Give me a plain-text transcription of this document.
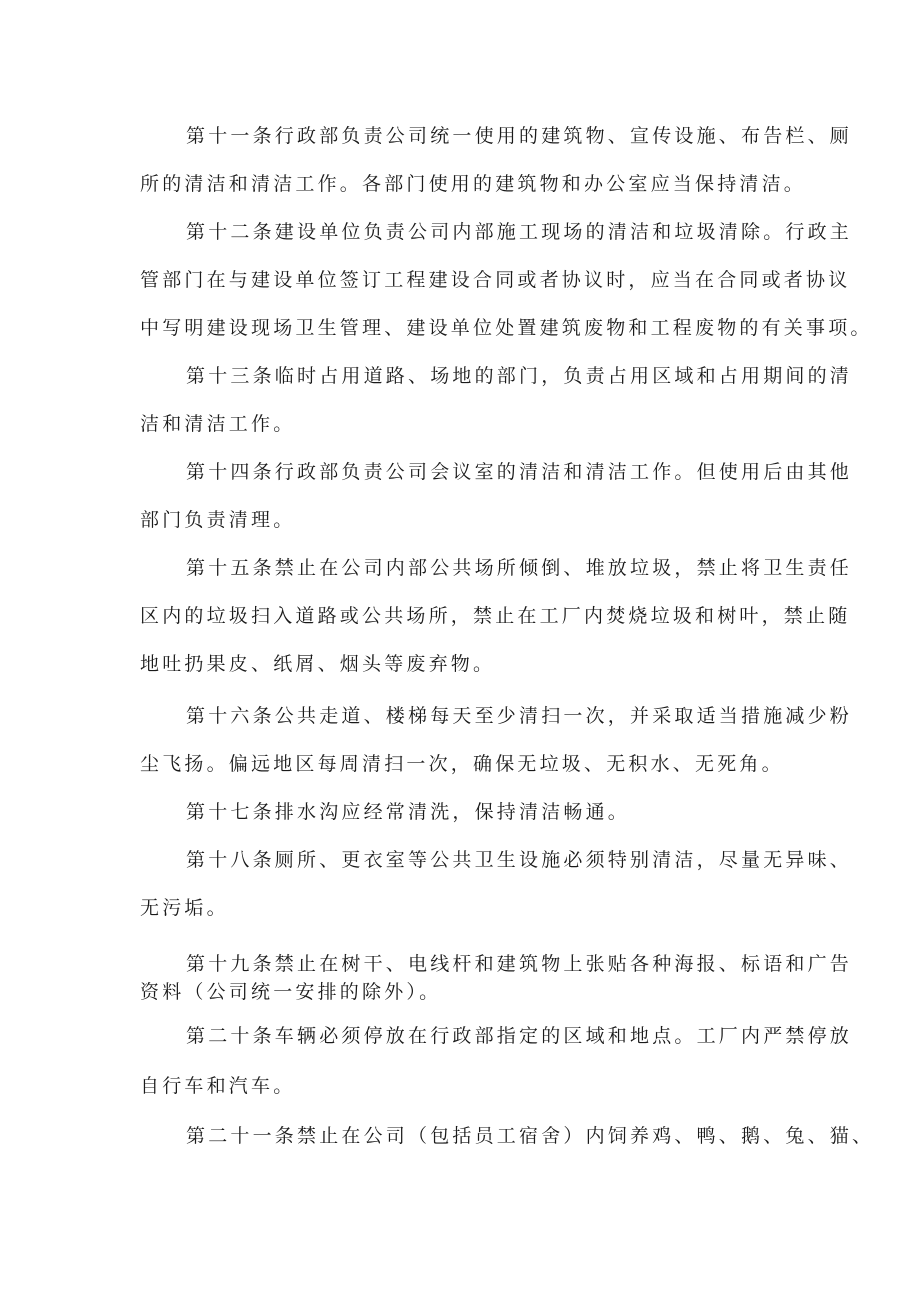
第十一条行政部负责公司统一使用的建筑物、宣传设施、布告栏、厕
所的清洁和清洁工作。各部门使用的建筑物和办公室应当保持清洁。
第十二条建设单位负责公司内部施工现场的清洁和垃圾清除。行政主
管部门在与建设单位签订工程建设合同或者协议时，应当在合同或者协议
中写明建设现场卫生管理、建设单位处置建筑废物和工程废物的有关事项。
第十三条临时占用道路、场地的部门，负责占用区域和占用期间的清
洁和清洁工作。
第十四条行政部负责公司会议室的清洁和清洁工作。但使用后由其他
部门负责清理。
第十五条禁止在公司内部公共场所倾倒、堆放垃圾，禁止将卫生责任
区内的垃圾扫入道路或公共场所，禁止在工厂内焚烧垃圾和树叶，禁止随
地吐扔果皮、纸屑、烟头等废弃物。
第十六条公共走道、楼梯每天至少清扫一次，并采取适当措施减少粉
尘飞扬。偏远地区每周清扫一次，确保无垃圾、无积水、无死角。
第十七条排水沟应经常清洗，保持清洁畅通。
第十八条厕所、更衣室等公共卫生设施必须特别清洁，尽量无异味、
无污垢。
第十九条禁止在树干、电线杆和建筑物上张贴各种海报、标语和广告
资料（公司统一安排的除外）。
第二十条车辆必须停放在行政部指定的区域和地点。工厂内严禁停放
自行车和汽车。
第二十一条禁止在公司（包括员工宿舍）内饲养鸡、鸭、鹅、兔、猫、
